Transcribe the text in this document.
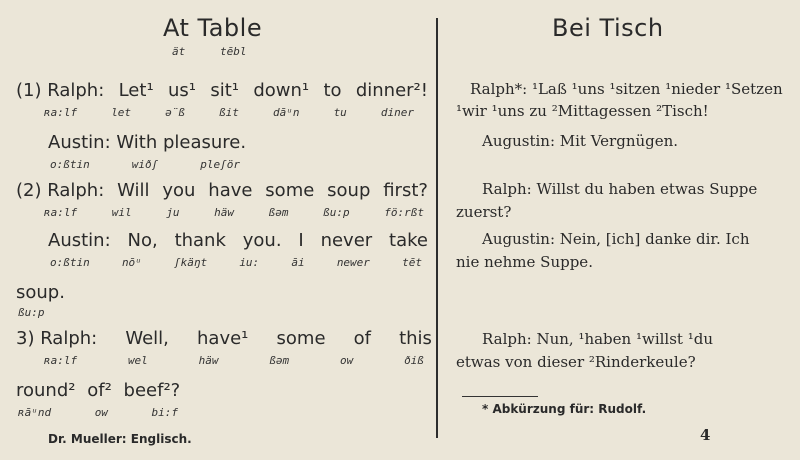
At Table
ät	tēbl
(1) Ralph: Let¹ us¹ sit¹ down¹ to dinner²!
ʀa:lf	let	ə̈ß	ßit	dāᵘn	tu	diner
Austin: With pleasure.
o:ßtin	wiðʃ	pleʃör
(2) Ralph: Will you have some soup first?
ʀa:lf	wil	ju	häw	ßəm	ßu:p	fö:rßt
Austin: No, thank you. I never take
o:ßtin	nōᵘ	ʃkäŋt	iu:	āi	newer	tēt
soup.
ßu:p
3) Ralph: Well, have¹ some of this
ʀa:lf	wel	häw	ßəm	ow	ðiß
round² of² beef²?
ʀāᵘnd	ow	bi:f
Dr. Mueller: Englisch.
Bei Tisch
Ralph*: ¹Laß ¹uns ¹sitzen ¹nieder ¹Setzen
¹wir ¹uns zu ²Mittagessen ²Tisch!
Augustin: Mit Vergnügen.
Ralph: Willst du haben etwas Suppe
zuerst?
Augustin: Nein, [ich] danke dir. Ich
nie nehme Suppe.
Ralph: Nun, ¹haben ¹willst ¹du
etwas von dieser ²Rinderkeule?
* Abkürzung für: Rudolf.
4
